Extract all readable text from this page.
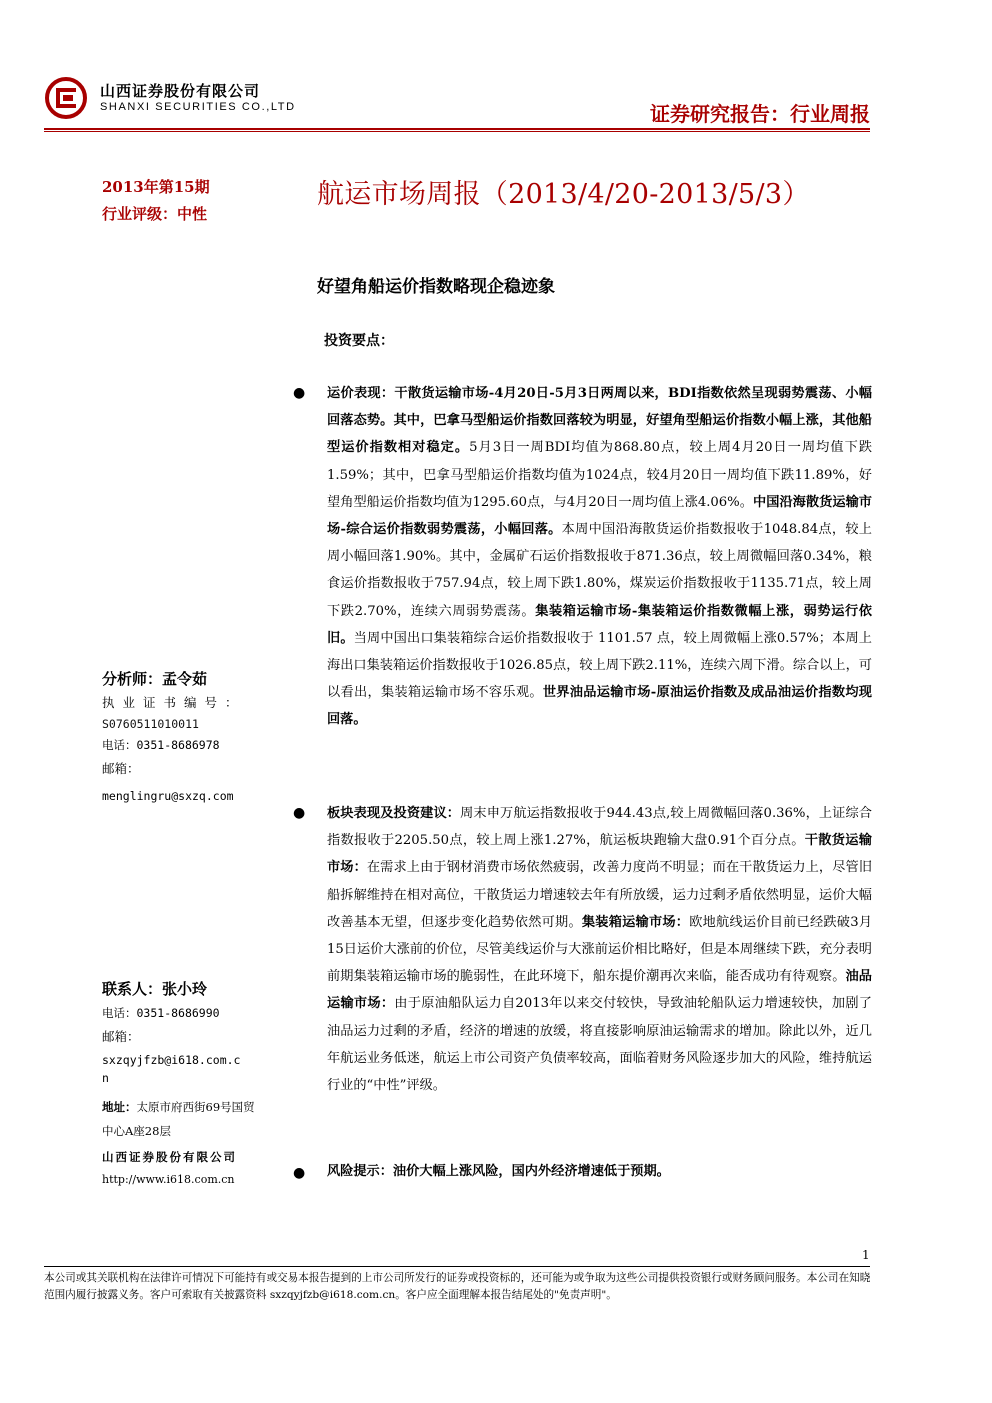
山西证券股份有限公司
SHANXI SECURITIES CO.,LTD	证券研究报告：行业周报
2013年第15期
行业评级：中性
航运市场周报（2013/4/20-2013/5/3）
好望角船运价指数略现企稳迹象
投资要点：
● 运价表现：干散货运输市场-4月20日-5月3日两周以来，BDI指数依然呈现弱势震荡、小幅回落态势。其中，巴拿马型船运价指数回落较为明显，好望角型船运价指数小幅上涨，其他船型运价指数相对稳定。5月3日一周BDI均值为868.80点，较上周4月20日一周均值下跌1.59%；其中，巴拿马型船运价指数均值为1024点，较4月20日一周均值下跌11.89%，好望角型船运价指数均值为1295.60点，与4月20日一周均值上涨4.06%。中国沿海散货运输市场-综合运价指数弱势震荡，小幅回落。本周中国沿海散货运价指数报收于1048.84点，较上周小幅回落1.90%。其中，金属矿石运价指数报收于871.36点，较上周微幅回落0.34%，粮食运价指数报收于757.94点，较上周下跌1.80%，煤炭运价指数报收于1135.71点，较上周下跌2.70%，连续六周弱势震荡。集装箱运输市场-集装箱运价指数微幅上涨，弱势运行依旧。当周中国出口集装箱综合运价指数报收于 1101.57 点，较上周微幅上涨0.57%；本周上海出口集装箱运价指数报收于1026.85点，较上周下跌2.11%，连续六周下滑。综合以上，可以看出，集装箱运输市场不容乐观。世界油品运输市场-原油运价指数及成品油运价指数均现回落。
● 板块表现及投资建议：周末申万航运指数报收于944.43点,较上周微幅回落0.36%，上证综合指数报收于2205.50点，较上周上涨1.27%，航运板块跑输大盘0.91个百分点。干散货运输市场：在需求上由于钢材消费市场依然疲弱，改善力度尚不明显；而在干散货运力上，尽管旧船拆解维持在相对高位，干散货运力增速较去年有所放缓，运力过剩矛盾依然明显，运价大幅改善基本无望，但逐步变化趋势依然可期。集装箱运输市场：欧地航线运价目前已经跌破3月15日运价大涨前的价位，尽管美线运价与大涨前运价相比略好，但是本周继续下跌，充分表明前期集装箱运输市场的脆弱性，在此环境下，船东提价潮再次来临，能否成功有待观察。油品运输市场：由于原油船队运力自2013年以来交付较快，导致油轮船队运力增速较快，加剧了油品运力过剩的矛盾，经济的增速的放缓，将直接影响原油运输需求的增加。除此以外，近几年航运业务低迷，航运上市公司资产负债率较高，面临着财务风险逐步加大的风险，维持航运行业的“中性”评级。
● 风险提示：油价大幅上涨风险，国内外经济增速低于预期。
分析师：孟令茹
执业证书编号：
S0760511010011
电话：0351-8686978
邮箱：
menglingru@sxzq.com
联系人：张小玲
电话：0351-8686990
邮箱：
sxzqyjfzb@i618.com.c
n
地址：太原市府西街69号国贸中心A座28层
山西证券股份有限公司
http://www.i618.com.cn
1
本公司或其关联机构在法律许可情况下可能持有或交易本报告提到的上市公司所发行的证券或投资标的，还可能为或争取为这些公司提供投资银行或财务顾问服务。本公司在知晓范围内履行披露义务。客户可索取有关披露资料 sxzqyjfzb@i618.com.cn。客户应全面理解本报告结尾处的"免责声明"。
